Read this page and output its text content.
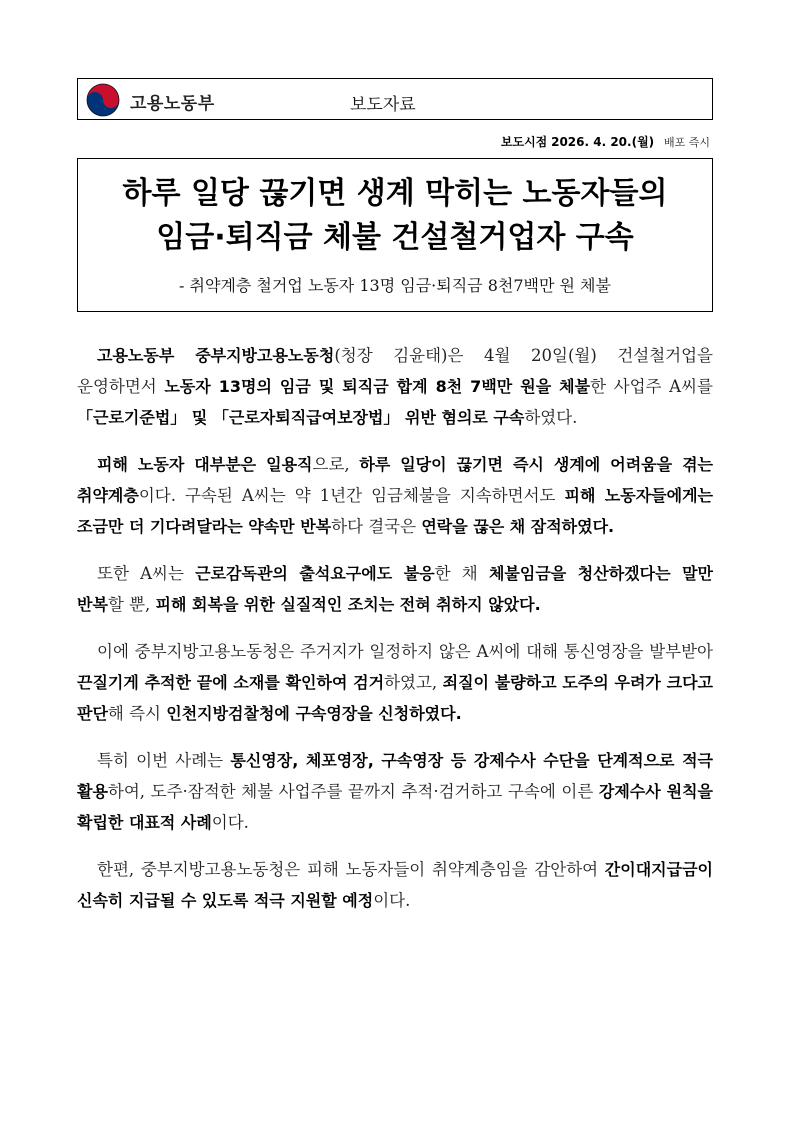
고용노동부	보도자료
보도시점 2026. 4. 20.(월) 배포 즉시
하루 일당 끊기면 생계 막히는 노동자들의
임금·퇴직금 체불 건설철거업자 구속
- 취약계층 철거업 노동자 13명 임금·퇴직금 8천7백만 원 체불

고용노동부 중부지방고용노동청(청장 김윤태)은 4월 20일(월) 건설철거업을 운영하면서 노동자 13명의 임금 및 퇴직금 합계 8천 7백만 원을 체불한 사업주 A씨를 「근로기준법」 및 「근로자퇴직급여보장법」 위반 혐의로 구속하였다.

피해 노동자 대부분은 일용직으로, 하루 일당이 끊기면 즉시 생계에 어려움을 겪는 취약계층이다. 구속된 A씨는 약 1년간 임금체불을 지속하면서도 피해 노동자들에게는 조금만 더 기다려달라는 약속만 반복하다 결국은 연락을 끊은 채 잠적하였다.

또한 A씨는 근로감독관의 출석요구에도 불응한 채 체불임금을 청산하겠다는 말만 반복할 뿐, 피해 회복을 위한 실질적인 조치는 전혀 취하지 않았다.

이에 중부지방고용노동청은 주거지가 일정하지 않은 A씨에 대해 통신영장을 발부받아 끈질기게 추적한 끝에 소재를 확인하여 검거하였고, 죄질이 불량하고 도주의 우려가 크다고 판단해 즉시 인천지방검찰청에 구속영장을 신청하였다.

특히 이번 사례는 통신영장, 체포영장, 구속영장 등 강제수사 수단을 단계적으로 적극 활용하여, 도주·잠적한 체불 사업주를 끝까지 추적·검거하고 구속에 이른 강제수사 원칙을 확립한 대표적 사례이다.

한편, 중부지방고용노동청은 피해 노동자들이 취약계층임을 감안하여 간이대지급금이 신속히 지급될 수 있도록 적극 지원할 예정이다.
